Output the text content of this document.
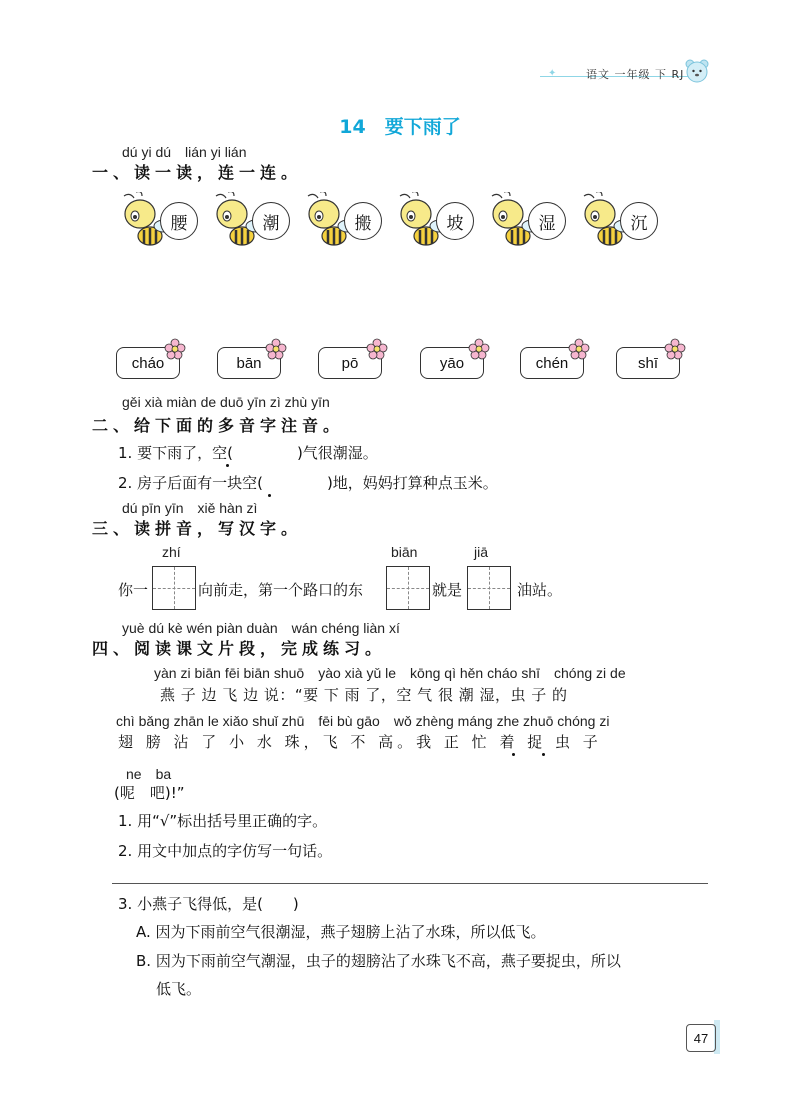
✦	语文 一年级 下 RJ
14　要下雨了
dú yi dú　lián yi lián
一、读一读，连一连。
腰	潮	搬	坡	湿	沉
cháo	bān	pō	yāo	chén	shī
gěi xià miàn de duō yīn zì zhù yīn
二、给下面的多音字注音。
1. 要下雨了，空(	)气很潮湿。
2. 房子后面有一块空(	)地，妈妈打算种点玉米。
dú pīn yīn　xiě hàn zì
三、读拼音，写汉字。
zhí	biān	jiā
你一	向前走，第一个路口的东	就是	油站。
yuè dú kè wén piàn duàn　wán chéng liàn xí
四、阅读课文片段，完成练习。
yàn zi biān fēi biān shuō　yào xià yǔ le　kōng qì hěn cháo shī　chóng zi de
燕 子 边 飞 边 说：“要 下 雨 了，空 气 很 潮 湿，虫 子 的
chì bǎng zhān le xiǎo shuǐ zhū　fēi bù gāo　wǒ zhèng máng zhe zhuō chóng zi
翅 膀 沾 了 小 水 珠，飞 不 高。我 正 忙 着 捉 虫 子
ne　ba
(呢　吧)!”
1. 用“√”标出括号里正确的字。
2. 用文中加点的字仿写一句话。
3. 小燕子飞得低，是(　　)
A. 因为下雨前空气很潮湿，燕子翅膀上沾了水珠，所以低飞。
B. 因为下雨前空气潮湿，虫子的翅膀沾了水珠飞不高，燕子要捉虫，所以
低飞。
47
